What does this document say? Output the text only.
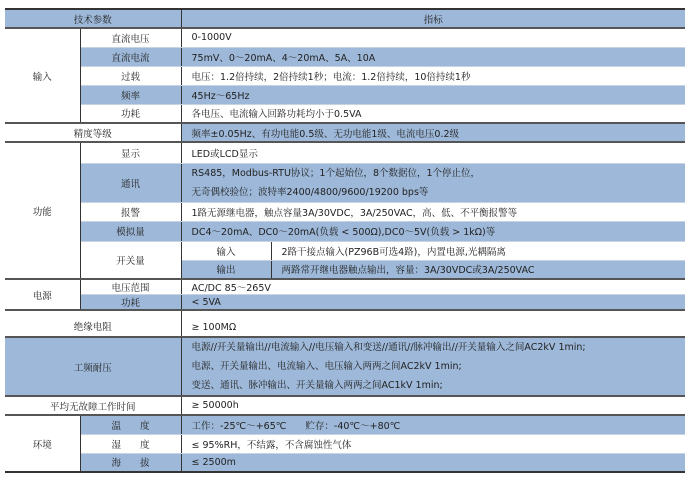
技术参数		指标	
输入	直流电压	0-1000V	
	直流电流	75mV、0～20mA、4～20mA、5A、10A	
	过载	电压：1.2倍持续，2倍持续1秒；电流：1.2倍持续，10倍持续1秒	
	频率	45Hz～65Hz	
	功耗	各电压、电流输入回路功耗均小于0.5VA	
精度等级		频率±0.05Hz、有功电能0.5级、无功电能1级、电流电压0.2级	
功能	显示	LED或LCD显示	
	通讯	RS485，Modbus-RTU协议；1个起始位，8个数据位，1个停止位，
无奇偶校验位；波特率2400/4800/9600/19200 bps等	

	报警	1路无源继电器，触点容量3A/30VDC，3A/250VAC，高、低、不平衡报警等	
	模拟量	DC4～20mA、DC0～20mA(负载 < 500Ω),DC0～5V(负载 > 1kΩ)等	
	开关量	输入	2路干接点输入(PZ96B可选4路)，内置电源,光耦隔离
		输出	两路常开继电器触点输出，容量：3A/30VDC或3A/250VAC
电源	电压范围	AC/DC 85～265V	
	功耗	< 5VA	
绝缘电阻		≥ 100MΩ	
工频耐压		电源//开关量输出//电流输入//电压输入和变送//通讯//脉冲输出//开关量输入之间AC2kV 1min;
电源、开关量输出、电流输入、电压输入两两之间AC2kV 1min;
变送、通讯、脉冲输出、开关量输入两两之间AC1kV 1min;	

平均无故障工作时间		≥ 50000h	
环境	温　　度	工作：-25℃～+65℃　　贮存：-40℃～+80℃	
	湿　　度	≤ 95%RH，不结露，不含腐蚀性气体	
	海　　拔	≤ 2500m	
